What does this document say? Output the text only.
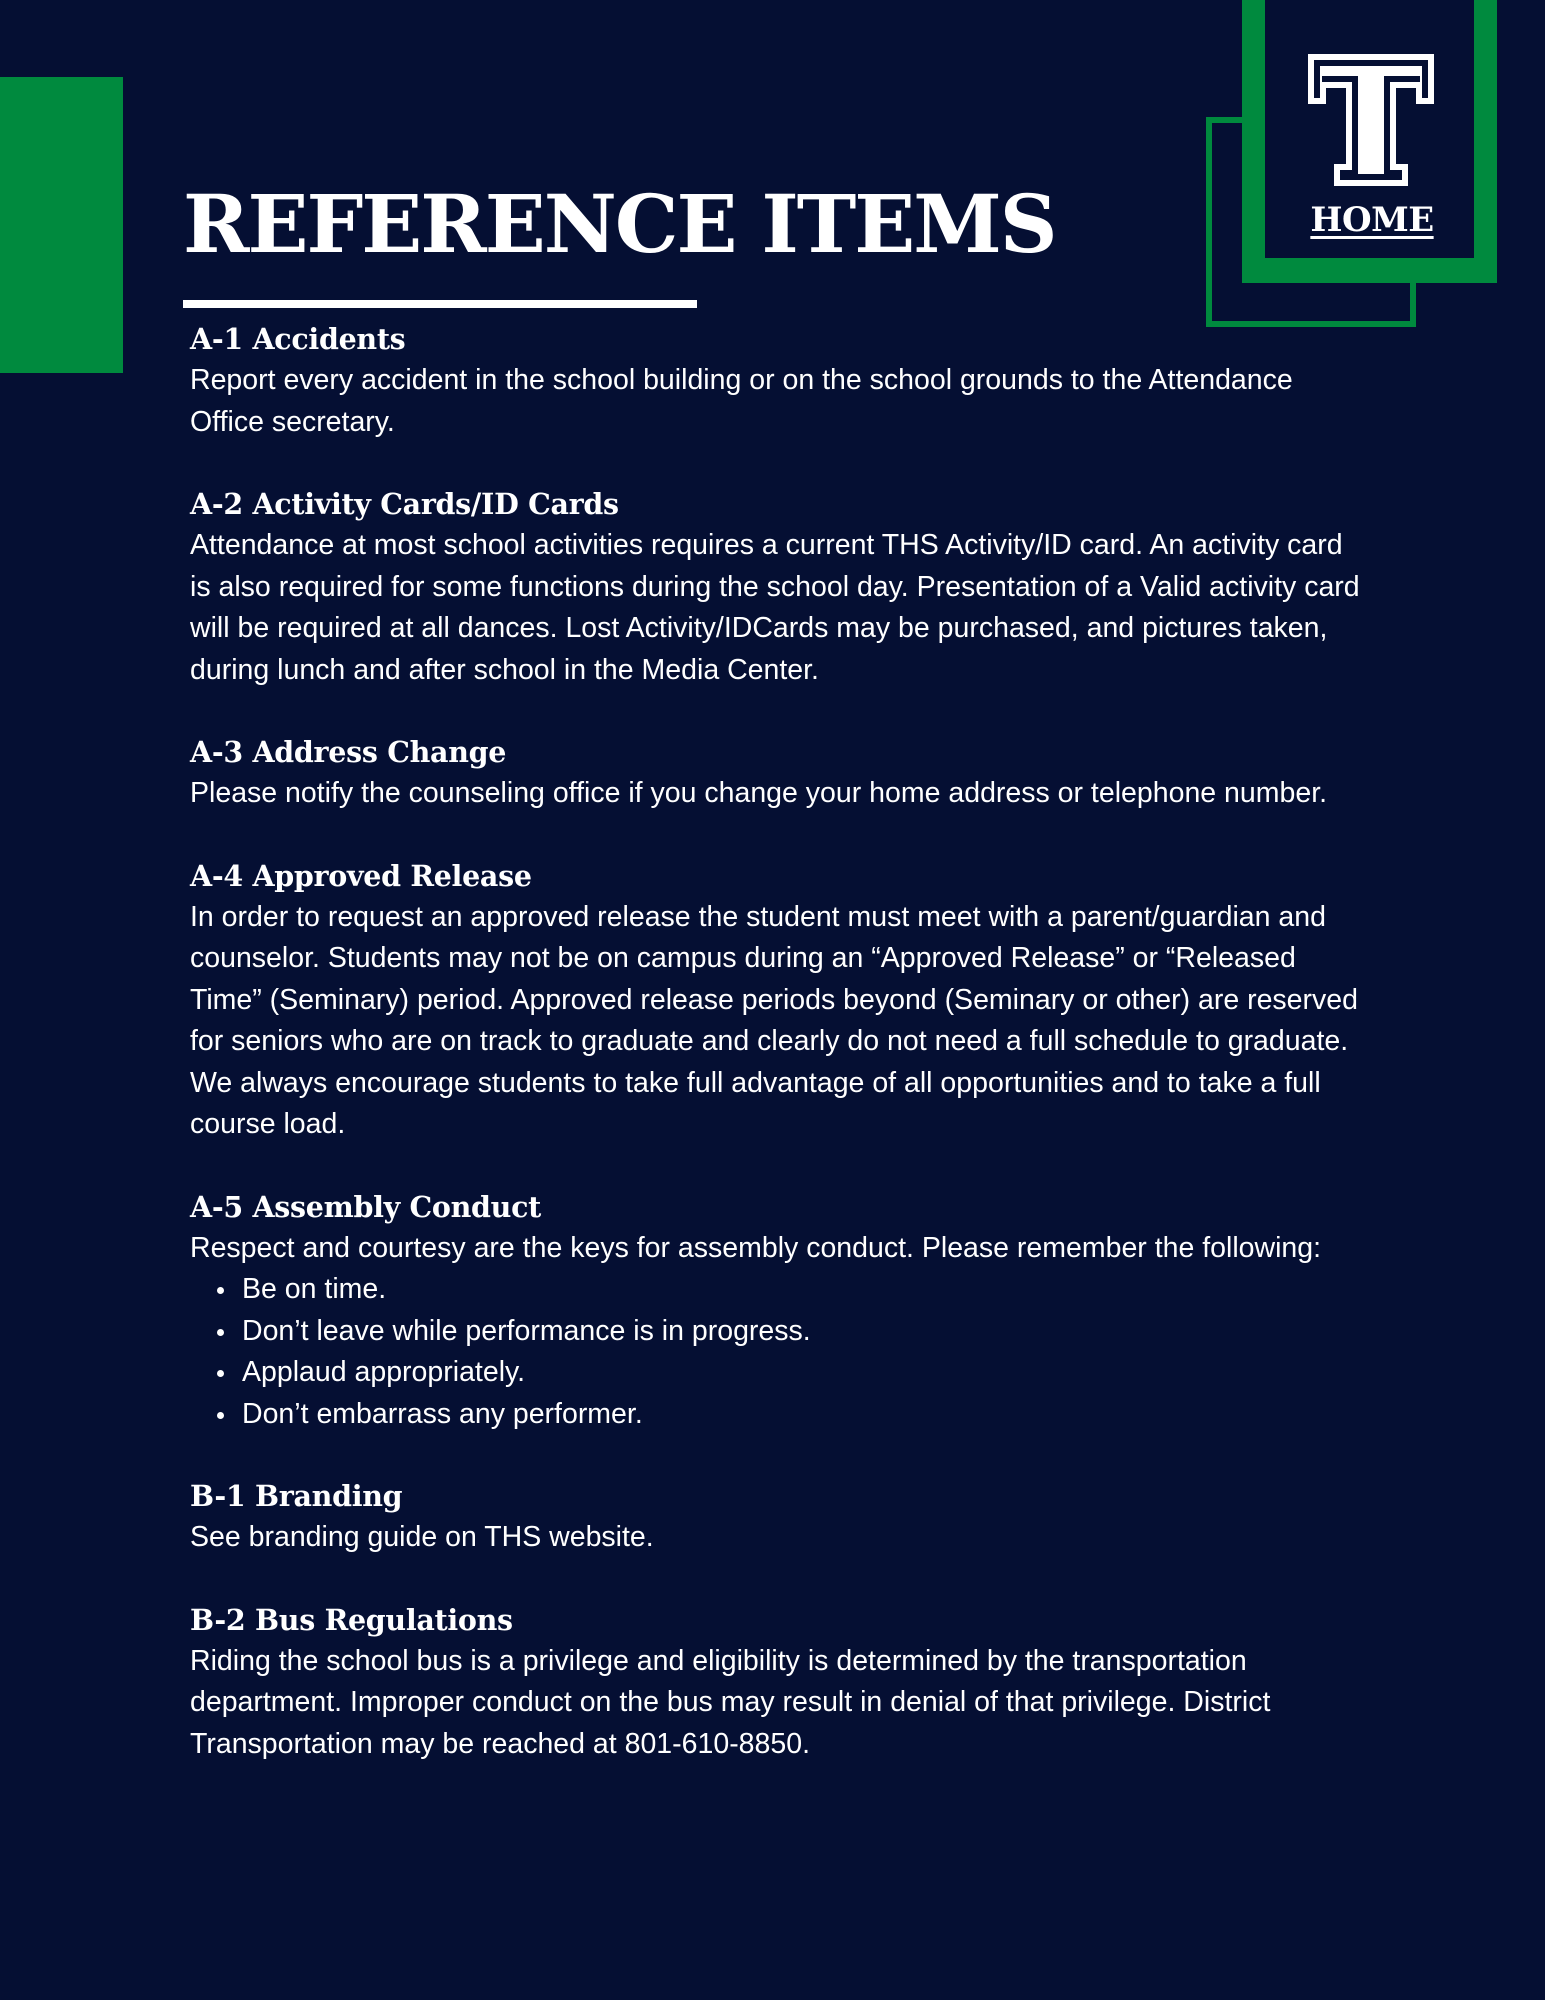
HOME
REFERENCE ITEMS
A-1 Accidents

Report every accident in the school building or on the school grounds to the Attendance Office secretary.

A-2 Activity Cards/ID Cards

Attendance at most school activities requires a current THS Activity/ID card. An activity card is also required for some functions during the school day. Presentation of a Valid activity card will be required at all dances. Lost Activity/IDCards may be purchased, and pictures taken, during lunch and after school in the Media Center.

A-3 Address Change

Please notify the counseling office if you change your home address or telephone number.

A-4 Approved Release

In order to request an approved release the student must meet with a parent/guardian and counselor. Students may not be on campus during an “Approved Release” or “Released Time” (Seminary) period. Approved release periods beyond (Seminary or other) are reserved for seniors who are on track to graduate and clearly do not need a full schedule to graduate. We always encourage students to take full advantage of all opportunities and to take a full course load.

A-5 Assembly Conduct

Respect and courtesy are the keys for assembly conduct. Please remember the following:

Be on time.
Don’t leave while performance is in progress.
Applaud appropriately.
Don’t embarrass any performer.
B-1 Branding

See branding guide on THS website.

B-2 Bus Regulations

Riding the school bus is a privilege and eligibility is determined by the transportation department. Improper conduct on the bus may result in denial of that privilege. District Transportation may be reached at 801-610-8850.
